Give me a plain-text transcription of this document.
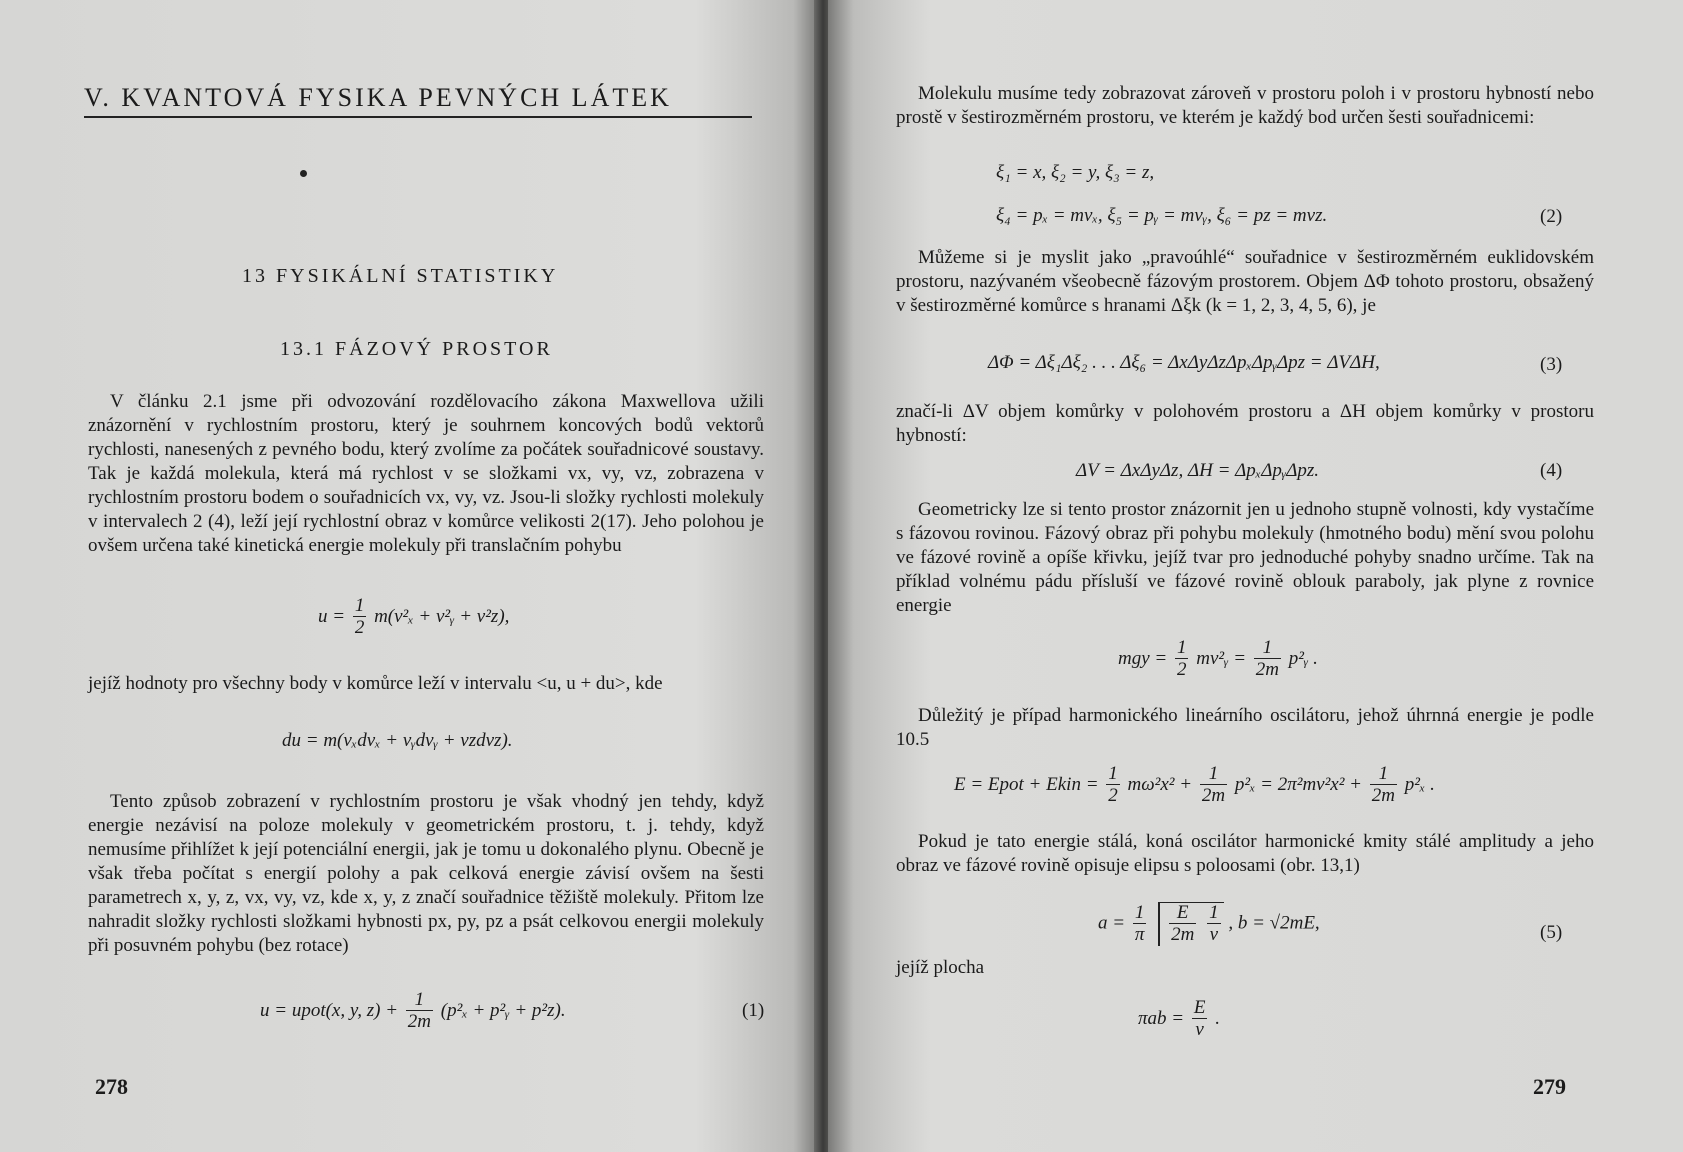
V. KVANTOVÁ FYSIKA PEVNÝCH LÁTEK
13 FYSIKÁLNÍ STATISTIKY
13.1 FÁZOVÝ PROSTOR
V článku 2.1 jsme při odvozování rozdělovacího zákona Maxwellova užili znázornění v rychlostním prostoru, který je souhrnem koncových bodů vektorů rychlosti, nanesených z pevného bodu, který zvolíme za počátek souřadnicové soustavy. Tak je každá molekula, která má rychlost v se složkami vx, vy, vz, zobrazena v rychlostním prostoru bodem o souřadnicích vx, vy, vz. Jsou-li složky rychlosti molekuly v intervalech 2 (4), leží její rychlostní obraz v komůrce velikosti 2(17). Jeho polohou je ovšem určena také kinetická energie molekuly při translačním pohybu
$u = \frac{1}{2} m(v^2_x$ + v²ᵧ + v²z),
jejíž hodnoty pro všechny body v komůrce leží v intervalu <u, u + du>, kde
du = m(vₓdvₓ + vᵧdvᵧ + vzdvz).
Tento způsob zobrazení v rychlostním prostoru je však vhodný jen tehdy, když energie nezávisí na poloze molekuly v geometrickém prostoru, t. j. tehdy, když nemusíme přihlížet k její potenciální energii, jak je tomu u dokonalého plynu. Obecně je však třeba počítat s energií polohy a pak celková energie závisí ovšem na šesti parametrech x, y, z, vx, vy, vz, kde x, y, z značí souřadnice těžiště molekuly. Přitom lze nahradit složky rychlosti složkami hybnosti px, py, pz a psát celkovou energii molekuly při posuvném pohybu (bez rotace)
u = upot(x, y, $z) + \frac{1}{2m} (p^2_x$ + p²ᵧ + p²z).	(1)
278
Molekulu musíme tedy zobrazovat zároveň v prostoru poloh i v prostoru hybností nebo prostě v šestirozměrném prostoru, ve kterém je každý bod určen šesti souřadnicemi:
ξ₁ = x, ξ₂ = y, ξ₃ = z,
ξ₄ = pₓ = mvₓ, ξ₅ = pᵧ = mvᵧ, ξ₆ = pz = mvz.	(2)
Můžeme si je myslit jako „pravoúhlé“ souřadnice v šestirozměrném euklidovském prostoru, nazývaném všeobecně fázovým prostorem. Objem ΔΦ tohoto prostoru, obsažený v šestirozměrné komůrce s hranami Δξk (k = 1, 2, 3, 4, 5, 6), je
ΔΦ = Δξ₁Δξ₂ . . . Δξ₆ = ΔxΔyΔzΔpₓΔpᵧΔpz = ΔVΔH,	(3)
značí-li ΔV objem komůrky v polohovém prostoru a ΔH objem komůrky v prostoru hybností:
ΔV = ΔxΔyΔz, ΔH = ΔpₓΔpᵧΔpz.	(4)
Geometricky lze si tento prostor znázornit jen u jednoho stupně volnosti, kdy vystačíme s fázovou rovinou. Fázový obraz při pohybu molekuly (hmotného bodu) mění svou polohu ve fázové rovině a opíše křivku, jejíž tvar pro jednoduché pohyby snadno určíme. Tak na příklad volnému pádu přísluší ve fázové rovině oblouk paraboly, jak plyne z rovnice energie
mgy = $\frac{1}{2}$ mv²ᵧ = $\frac{1}{2m}$ p²ᵧ .
Důležitý je případ harmonického lineárního oscilátoru, jehož úhrnná energie je podle 10.5
E = Epot + Ekin = $\frac{1}{2} m\omega^2x^2 + \frac{1}{2m} p^2_x = 2\pi^2m\nu^2x^2 + \frac{1}{2m} p^2_x$ .
Pokud je tato energie stálá, koná oscilátor harmonické kmity stálé amplitudy a jeho obraz ve fázové rovině opisuje elipsu s poloosami (obr. 13,1)
$a = \frac{1}{\pi}$
$\frac{E}{2m}$
$\frac{1}{\nu}$ , b = √2mE,	(5)
jejíž plocha
$\pi ab = \frac{E}{\nu}$ .
279
